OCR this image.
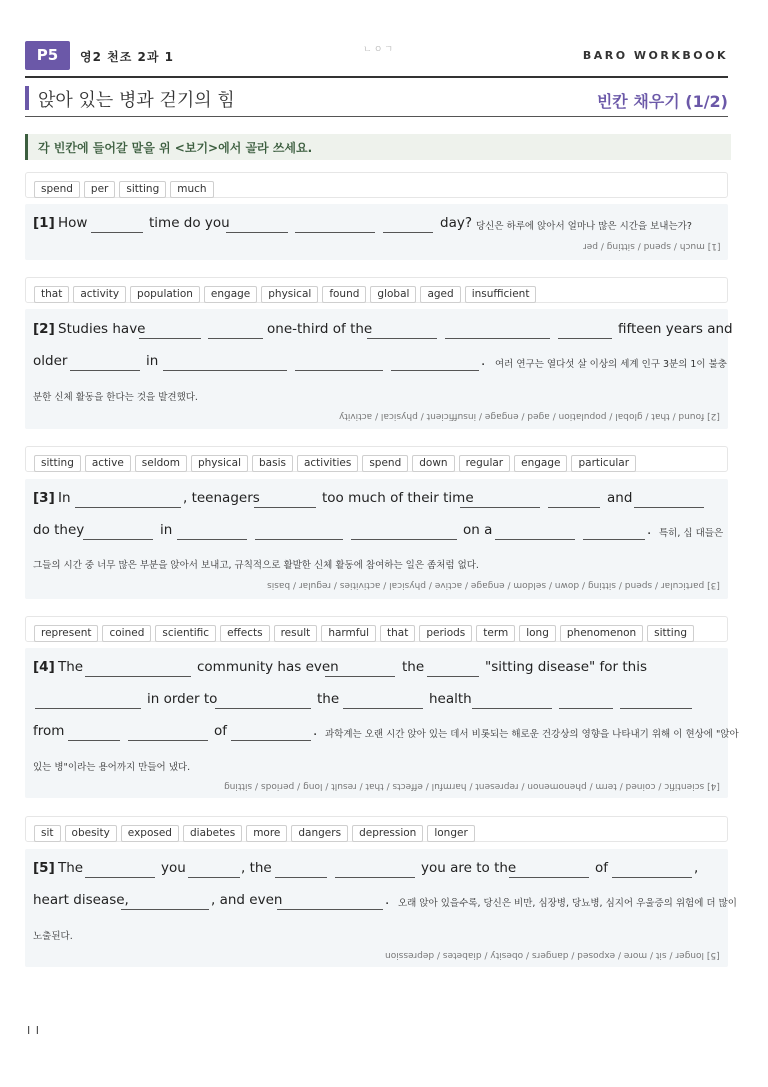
P5	영2 천조 2과 1	ㄴㅇㄱ	BARO WORKBOOK
앉아 있는 병과 걷기의 힘	빈칸 채우기 (1/2)
각 빈칸에 들어갈 말을 위 <보기>에서 골라 쓰세요.
spend per sitting much
[1] How	time do you	day? 당신은 하루에 앉아서 얼마나 많은 시간을 보내는가?
[1] much / spend / sitting / per
that activity population engage physical found global aged insufficient
[2] Studies have	one-third of the	fifteen years and
older	in	. 여러 연구는 열다섯 살 이상의 세계 인구 3분의 1이 불충
분한 신체 활동을 한다는 것을 발견했다.
[2] found / that / global / population / aged / engage / insufficient / physical / activity
sitting active seldom physical basis activities spend down regular engage particular
[3] In	, teenagers	too much of their time	and
do they	in	on a	. 특히, 십 대들은
그들의 시간 중 너무 많은 부분을 앉아서 보내고, 규칙적으로 활발한 신체 활동에 참여하는 일은 좀처럼 없다.
[3] particular / spend / sitting / down / seldom / engage / active / physical / activities / regular / basis
represent coined scientific effects result harmful that periods term long phenomenon sitting
[4] The	community has even	the	"sitting disease" for this
in order to	the	health
from	of	. 과학계는 오랜 시간 앉아 있는 데서 비롯되는 해로운 건강상의 영향을 나타내기 위해 이 현상에 "앉아
있는 병"이라는 용어까지 만들어 냈다.
[4] scientific / coined / term / phenomenon / represent / harmful / effects / that / result / long / periods / sitting
sit obesity exposed diabetes more dangers depression longer
[5] The	you	, the	you are to the	of	,
heart disease,	, and even	. 오래 앉아 있을수록, 당신은 비만, 심장병, 당뇨병, 심지어 우울증의 위험에 더 많이
노출된다.
[5] longer / sit / more / exposed / dangers / obesity / diabetes / depression
I I
